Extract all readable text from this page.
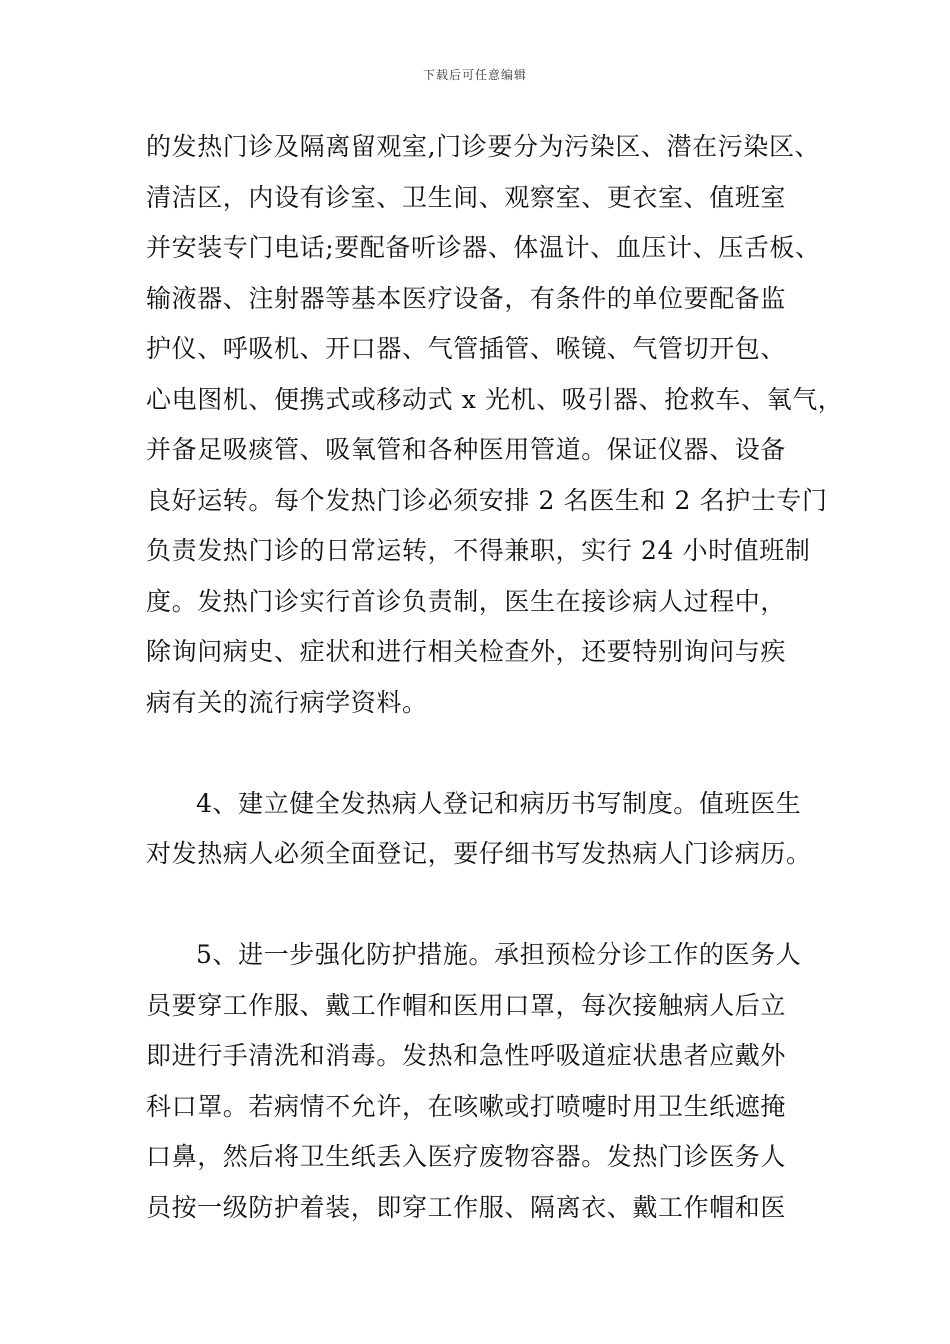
下载后可任意编辑
的发热门诊及隔离留观室,门诊要分为污染区、潜在污染区、
清洁区，内设有诊室、卫生间、观察室、更衣室、值班室
并安装专门电话;要配备听诊器、体温计、血压计、压舌板、
输液器、注射器等基本医疗设备，有条件的单位要配备监
护仪、呼吸机、开口器、气管插管、喉镜、气管切开包、
心电图机、便携式或移动式 x 光机、吸引器、抢救车、氧气，
并备足吸痰管、吸氧管和各种医用管道。保证仪器、设备
良好运转。每个发热门诊必须安排 2 名医生和 2 名护士专门
负责发热门诊的日常运转，不得兼职，实行 24 小时值班制
度。发热门诊实行首诊负责制，医生在接诊病人过程中，
除询问病史、症状和进行相关检查外，还要特别询问与疾
病有关的流行病学资料。
4、建立健全发热病人登记和病历书写制度。值班医生
对发热病人必须全面登记，要仔细书写发热病人门诊病历。
5、进一步强化防护措施。承担预检分诊工作的医务人
员要穿工作服、戴工作帽和医用口罩，每次接触病人后立
即进行手清洗和消毒。发热和急性呼吸道症状患者应戴外
科口罩。若病情不允许，在咳嗽或打喷嚏时用卫生纸遮掩
口鼻，然后将卫生纸丢入医疗废物容器。发热门诊医务人
员按一级防护着装，即穿工作服、隔离衣、戴工作帽和医
